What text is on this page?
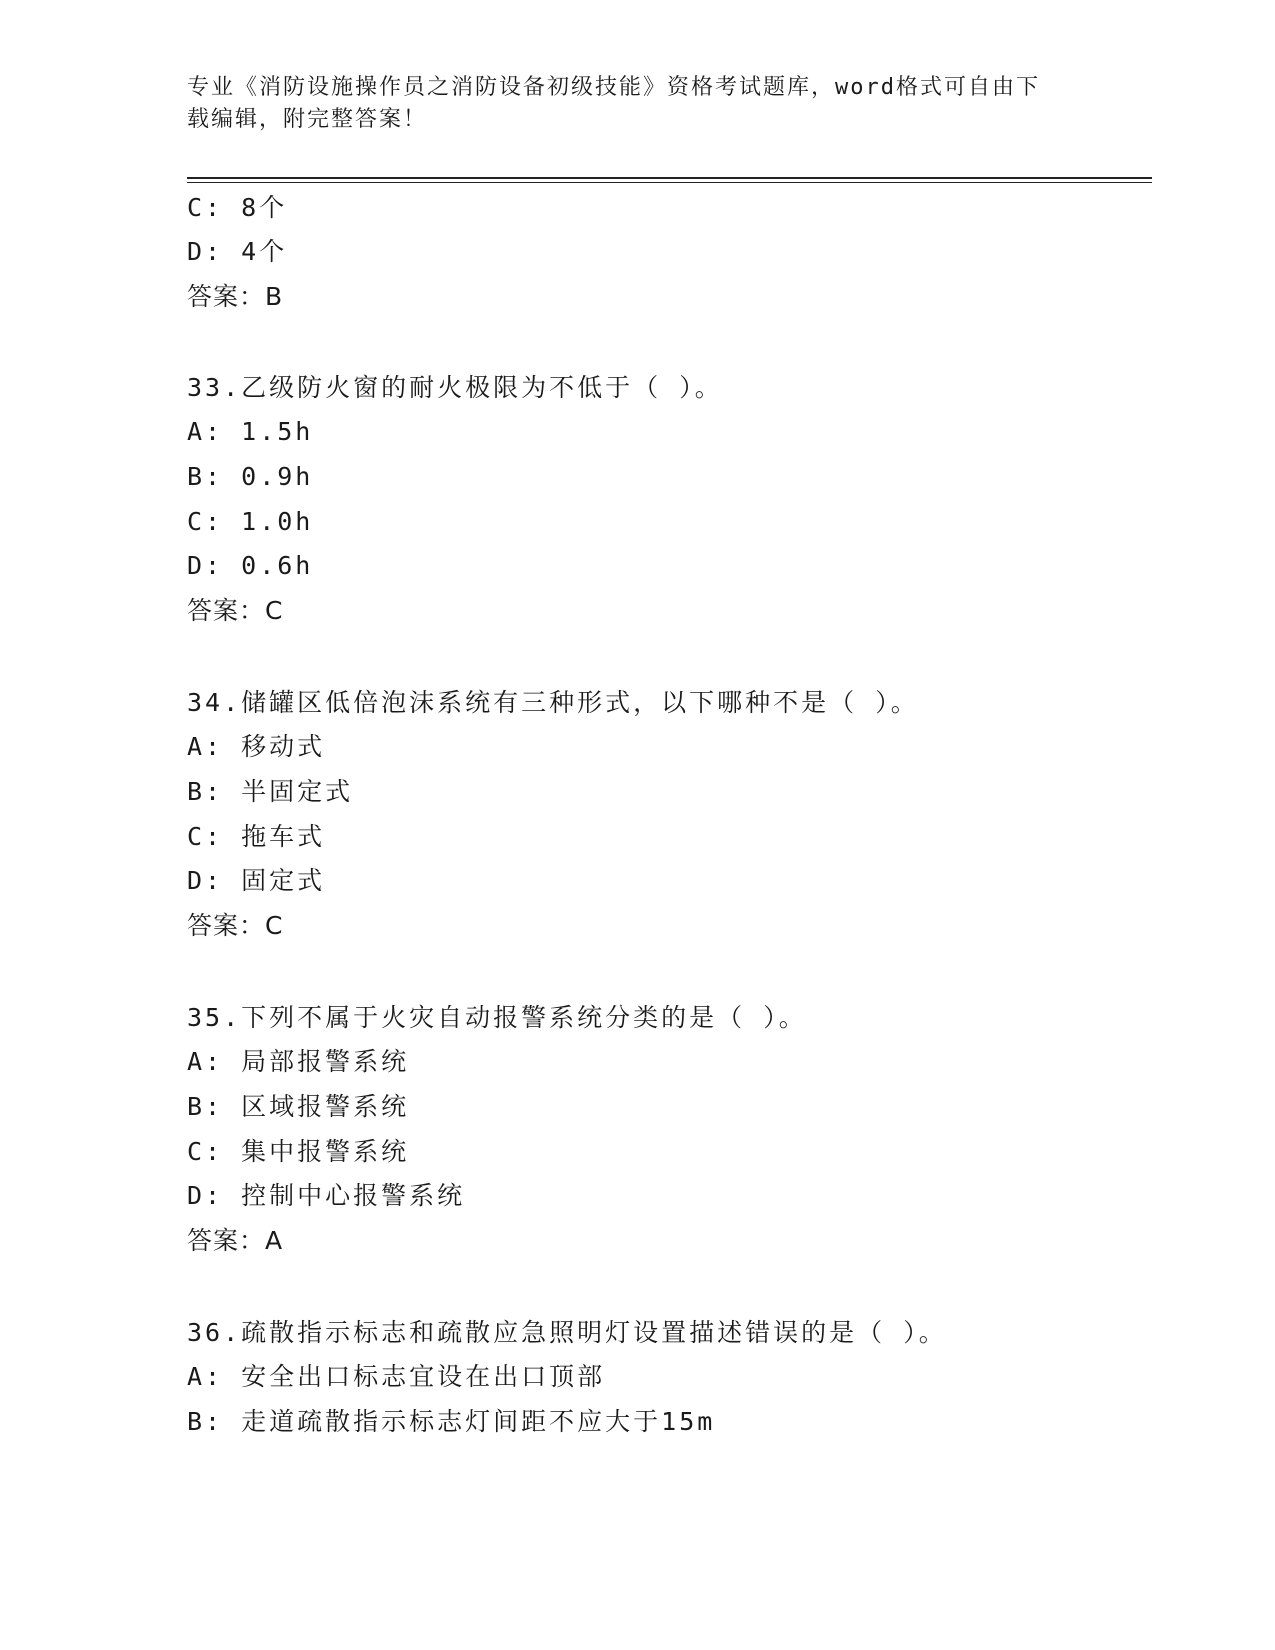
专业《消防设施操作员之消防设备初级技能》资格考试题库，word格式可自由下
载编辑，附完整答案！
C: 8个
D: 4个
答案：B
33.乙级防火窗的耐火极限为不低于（ ）。
A: 1.5h
B: 0.9h
C: 1.0h
D: 0.6h
答案：C
34.储罐区低倍泡沫系统有三种形式，以下哪种不是（ ）。
A: 移动式
B: 半固定式
C: 拖车式
D: 固定式
答案：C
35.下列不属于火灾自动报警系统分类的是（ ）。
A: 局部报警系统
B: 区域报警系统
C: 集中报警系统
D: 控制中心报警系统
答案：A
36.疏散指示标志和疏散应急照明灯设置描述错误的是（ ）。
A: 安全出口标志宜设在出口顶部
B: 走道疏散指示标志灯间距不应大于15m
